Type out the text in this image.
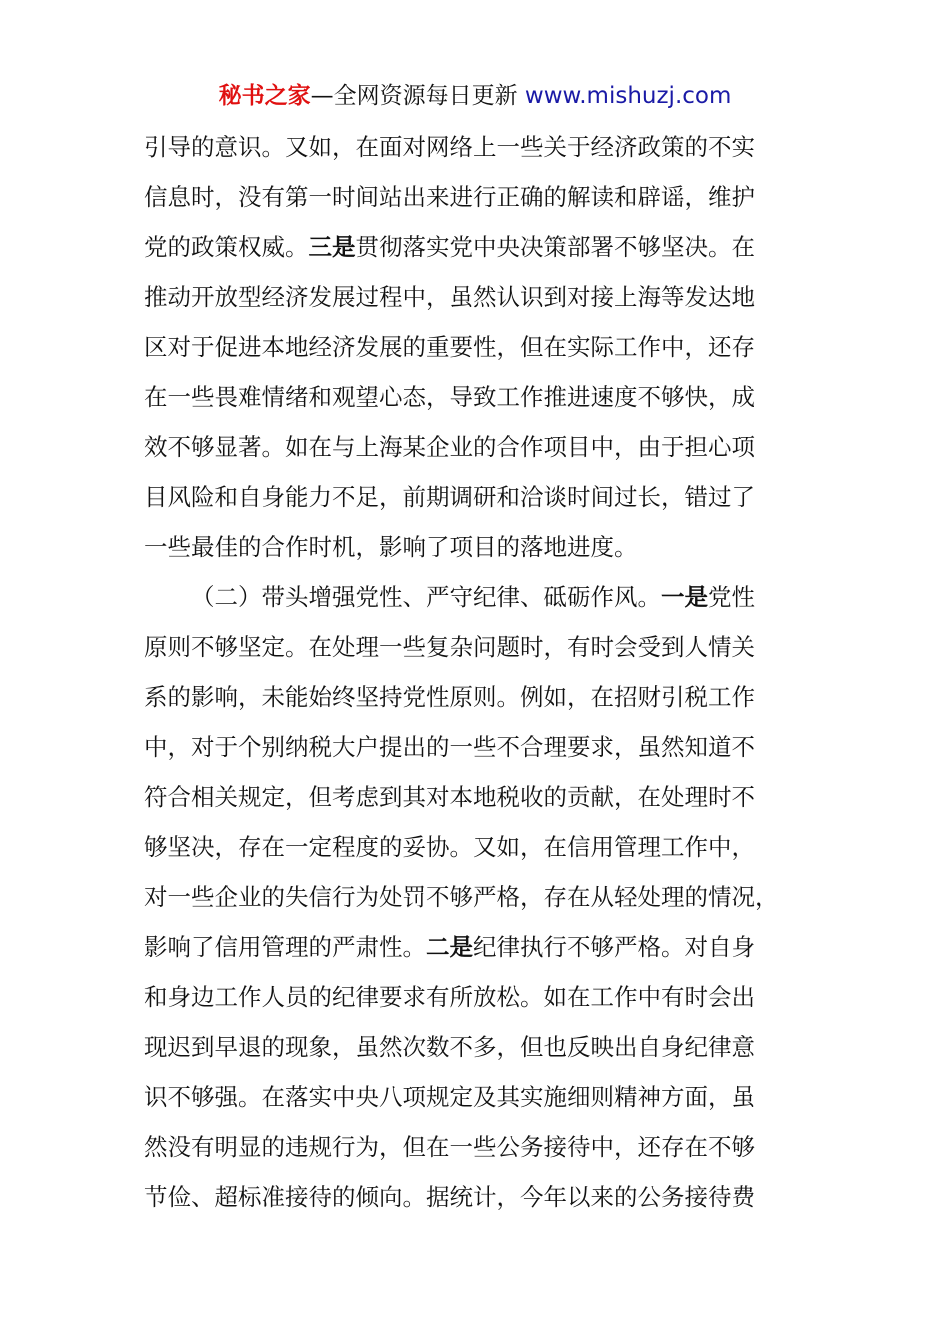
秘书之家—全网资源每日更新 www.mishuzj.com
引导的意识。又如，在面对网络上一些关于经济政策的不实
信息时，没有第一时间站出来进行正确的解读和辟谣，维护
党的政策权威。三是贯彻落实党中央决策部署不够坚决。在
推动开放型经济发展过程中，虽然认识到对接上海等发达地
区对于促进本地经济发展的重要性，但在实际工作中，还存
在一些畏难情绪和观望心态，导致工作推进速度不够快，成
效不够显著。如在与上海某企业的合作项目中，由于担心项
目风险和自身能力不足，前期调研和洽谈时间过长，错过了
一些最佳的合作时机，影响了项目的落地进度。
（二）带头增强党性、严守纪律、砥砺作风。一是党性
原则不够坚定。在处理一些复杂问题时，有时会受到人情关
系的影响，未能始终坚持党性原则。例如，在招财引税工作
中，对于个别纳税大户提出的一些不合理要求，虽然知道不
符合相关规定，但考虑到其对本地税收的贡献，在处理时不
够坚决，存在一定程度的妥协。又如，在信用管理工作中，
对一些企业的失信行为处罚不够严格，存在从轻处理的情况，
影响了信用管理的严肃性。二是纪律执行不够严格。对自身
和身边工作人员的纪律要求有所放松。如在工作中有时会出
现迟到早退的现象，虽然次数不多，但也反映出自身纪律意
识不够强。在落实中央八项规定及其实施细则精神方面，虽
然没有明显的违规行为，但在一些公务接待中，还存在不够
节俭、超标准接待的倾向。据统计，今年以来的公务接待费
